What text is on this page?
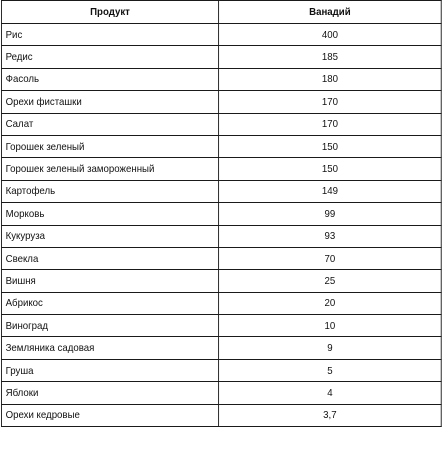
Продукт	Ванадий
Рис	400
Редис	185
Фасоль	180
Орехи фисташки	170
Салат	170
Горошек зеленый	150
Горошек зеленый замороженный	150
Картофель	149
Морковь	99
Кукуруза	93
Свекла	70
Вишня	25
Абрикос	20
Виноград	10
Земляника садовая	9
Груша	5
Яблоки	4
Орехи кедровые	3,7
